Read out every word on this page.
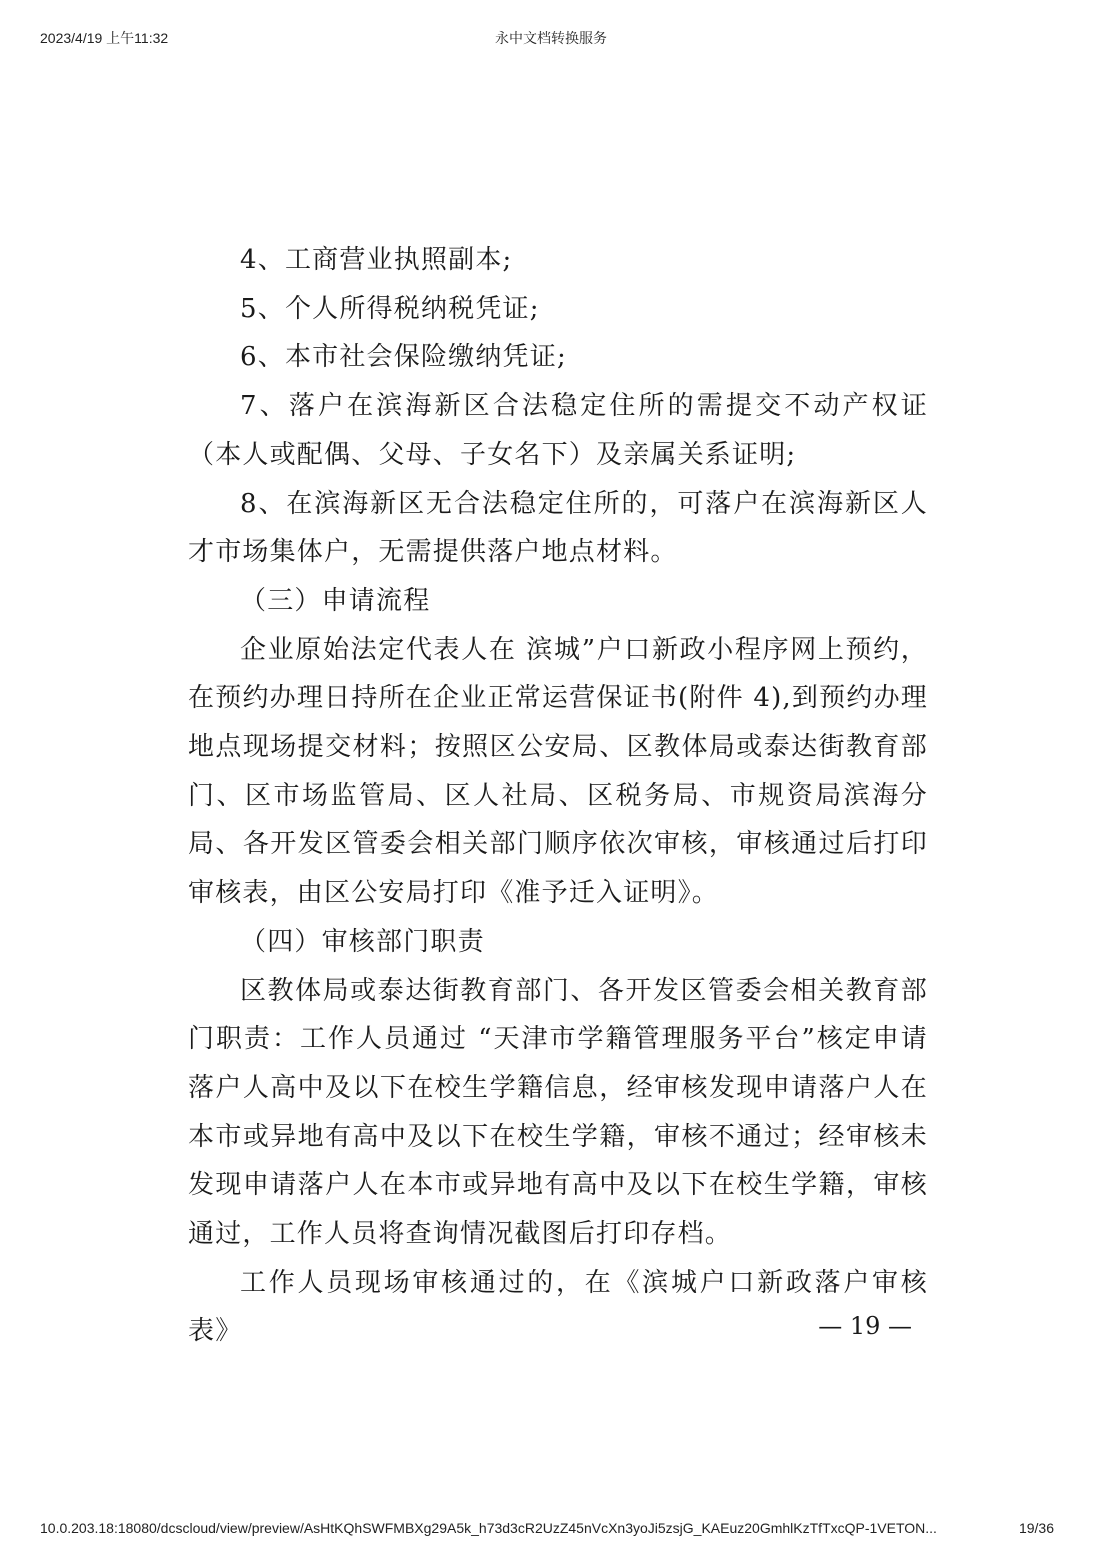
2023/4/19 上午11:32	永中文档转换服务

4、工商营业执照副本;

5、个人所得税纳税凭证;

6、本市社会保险缴纳凭证;

7、落户在滨海新区合法稳定住所的需提交不动产权证（本人或配偶、父母、子女名下）及亲属关系证明;

8、在滨海新区无合法稳定住所的，可落户在滨海新区人才市场集体户，无需提供落户地点材料。

（三）申请流程

企业原始法定代表人在 滨城”户口新政小程序网上预约，在预约办理日持所在企业正常运营保证书(附件 4),到预约办理地点现场提交材料；按照区公安局、区教体局或泰达街教育部门、区市场监管局、区人社局、区税务局、市规资局滨海分局、各开发区管委会相关部门顺序依次审核，审核通过后打印审核表，由区公安局打印《准予迁入证明》。

（四）审核部门职责

区教体局或泰达街教育部门、各开发区管委会相关教育部门职责：工作人员通过 “天津市学籍管理服务平台”核定申请落户人高中及以下在校生学籍信息，经审核发现申请落户人在本市或异地有高中及以下在校生学籍，审核不通过；经审核未发现申请落户人在本市或异地有高中及以下在校生学籍，审核通过，工作人员将查询情况截图后打印存档。

工作人员现场审核通过的，在《滨城户口新政落户审核表》	— 19 —
10.0.203.18:18080/dcscloud/view/preview/AsHtKQhSWFMBXg29A5k_h73d3cR2UzZ45nVcXn3yoJi5zsjG_KAEuz20GmhlKzTfTxcQP-1VETON...	19/36
